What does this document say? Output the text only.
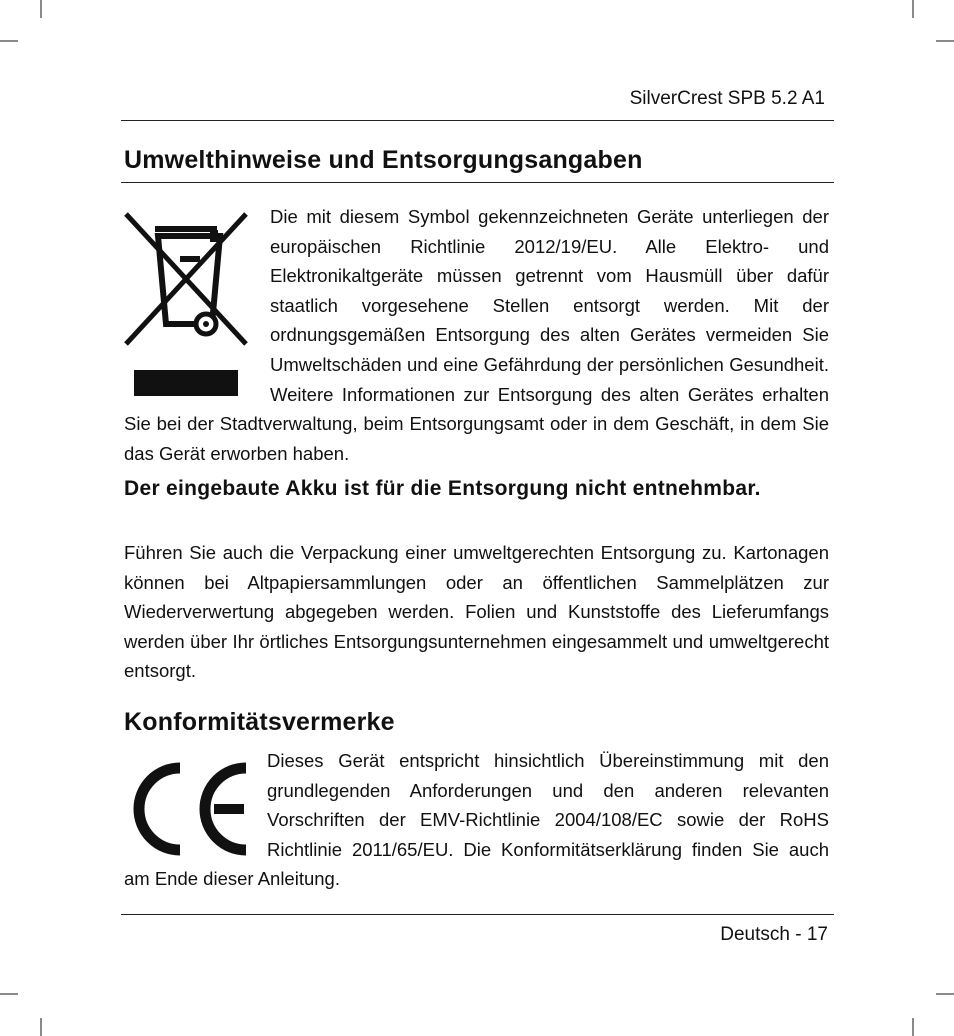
SilverCrest SPB 5.2 A1
Umwelthinweise und Entsorgungsangaben
Die mit diesem Symbol gekennzeichneten Geräte unterliegen der europäischen Richtlinie 2012/19/EU. Alle Elektro- und Elektronikaltgeräte müssen getrennt vom Hausmüll über dafür staatlich vorgesehene Stellen entsorgt werden. Mit der ordnungsgemäßen Entsorgung des alten Gerätes vermeiden Sie Umweltschäden und eine Gefährdung der persönlichen Gesundheit. Weitere Informationen zur Entsorgung des alten Gerätes erhalten Sie bei der Stadtverwaltung, beim Entsorgungsamt oder in dem Geschäft, in dem Sie das Gerät erworben haben.
Der eingebaute Akku ist für die Entsorgung nicht entnehmbar.

Führen Sie auch die Verpackung einer umweltgerechten Entsorgung zu. Kartonagen können bei Altpapiersammlungen oder an öffentlichen Sammelplätzen zur Wiederverwertung abgegeben werden. Folien und Kunststoffe des Lieferumfangs werden über Ihr örtliches Entsorgungsunternehmen eingesammelt und umweltgerecht entsorgt.

Konformitätsvermerke
Dieses Gerät entspricht hinsichtlich Übereinstimmung mit den grundlegenden Anforderungen und den anderen relevanten Vorschriften der EMV-Richtlinie 2004/108/EC sowie der RoHS Richtlinie 2011/65/EU. Die Konformitätserklärung finden Sie auch am Ende dieser Anleitung.
Deutsch - 17
